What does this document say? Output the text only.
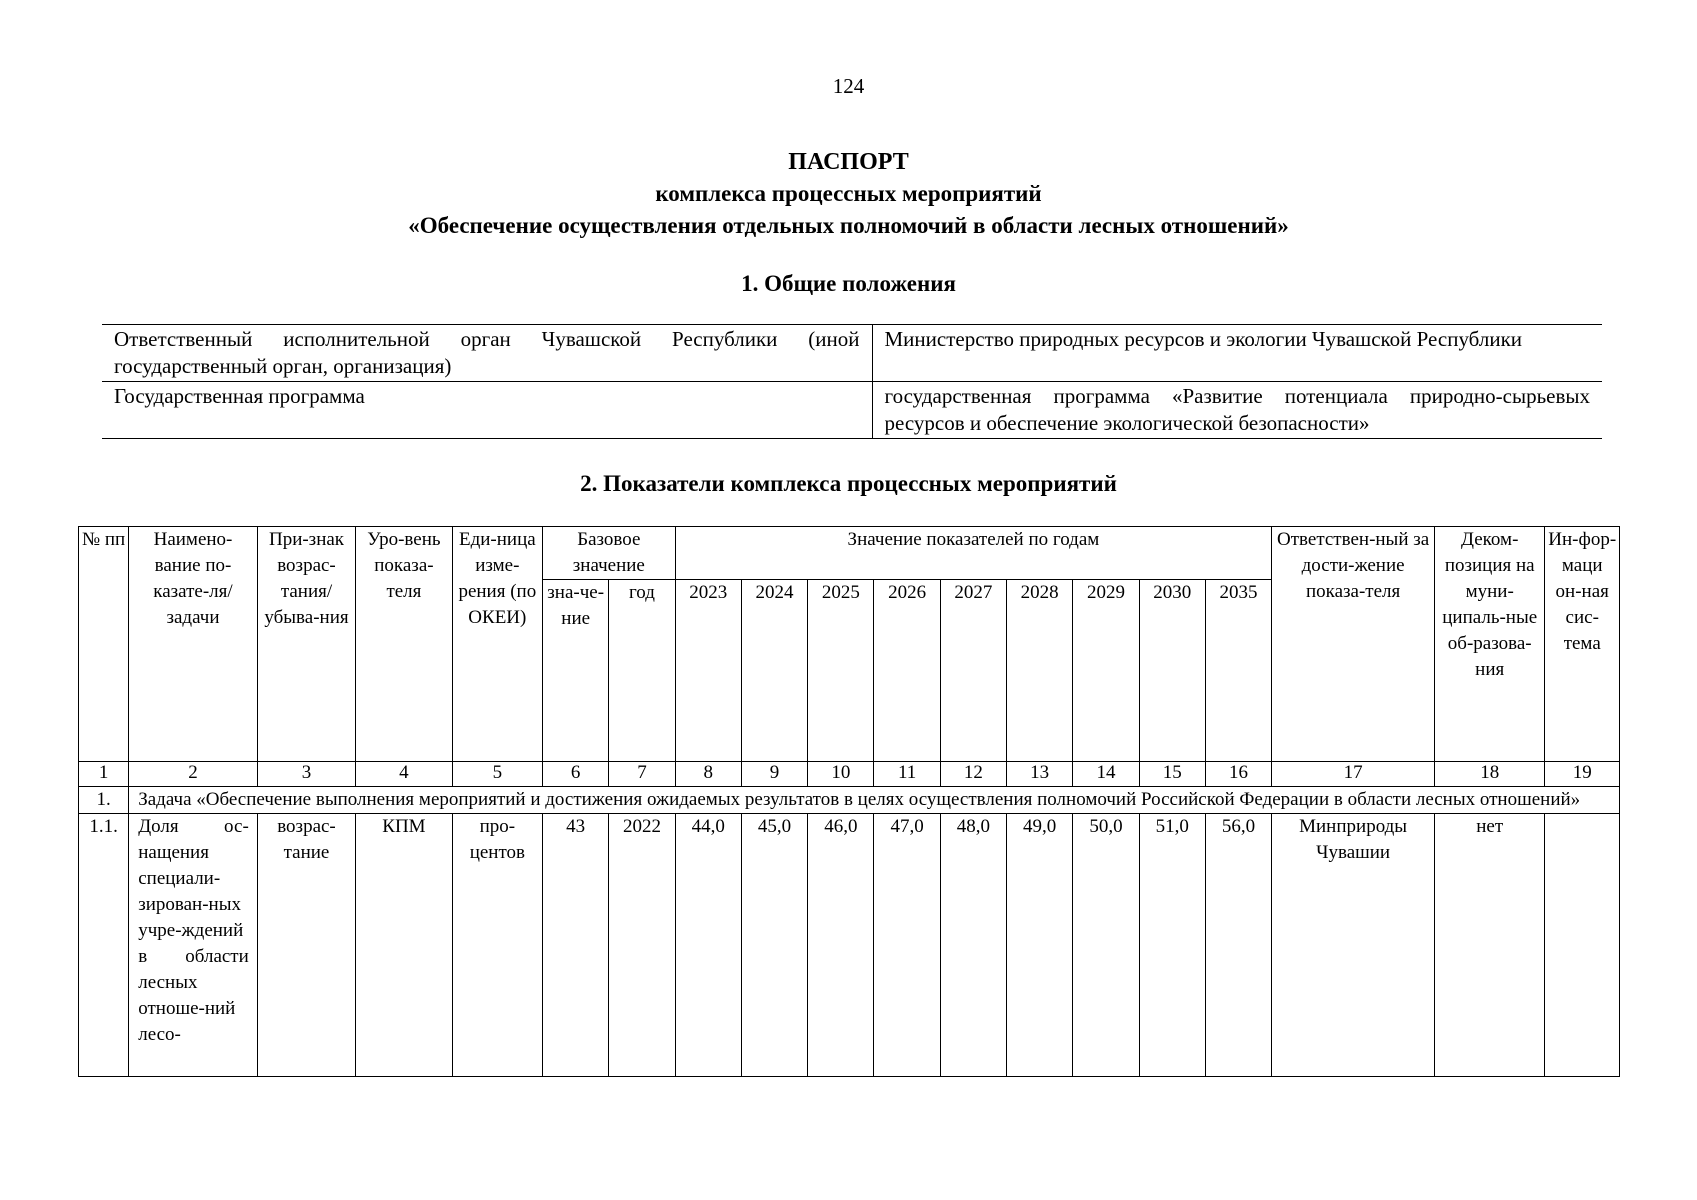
124
ПАСПОРТ
комплекса процессных мероприятий
«Обеспечение осуществления отдельных полномочий в области лесных отношений»
1. Общие положения
Ответственный исполнительной орган Чувашской Республики (иной государственный орган, организация)	Министерство природных ресурсов и экологии Чувашской Республики
Государственная программа	государственная программа «Развитие потенциала природно-сырьевых ресурсов и обеспечение экологической безопасности»
2. Показатели комплекса процессных мероприятий
№ пп	Наимено-вание по-казате-ля/задачи	При-знак возрас-тания/ убыва-ния	Уро-вень показа-теля	Еди-ница изме-рения (по ОКЕИ)	Базовое значение		Значение показателей по годам									Ответствен-ный за дости-жение показа-теля	Деком-позиция на муни-ципаль-ные об-разова-ния	Ин-фор-маци он-ная сис-тема
					зна-че-ние	год	2023	2024	2025	2026	2027	2028	2029	2030	2035			
1	2	3	4	5	6	7	8	9	10	11	12	13	14	15	16	17	18	19
1.	Задача «Обеспечение выполнения мероприятий и достижения ожидаемых результатов в целях осуществления полномочий Российской Федерации в области лесных отношений»																	
1.1.	Доля ос-нащения специали-зирован-ных учре-ждений в области лесных отноше-ний лесо-	возрас-тание	КПМ	про-центов	43	2022	44,0	45,0	46,0	47,0	48,0	49,0	50,0	51,0	56,0	Минприроды Чувашии	нет	
